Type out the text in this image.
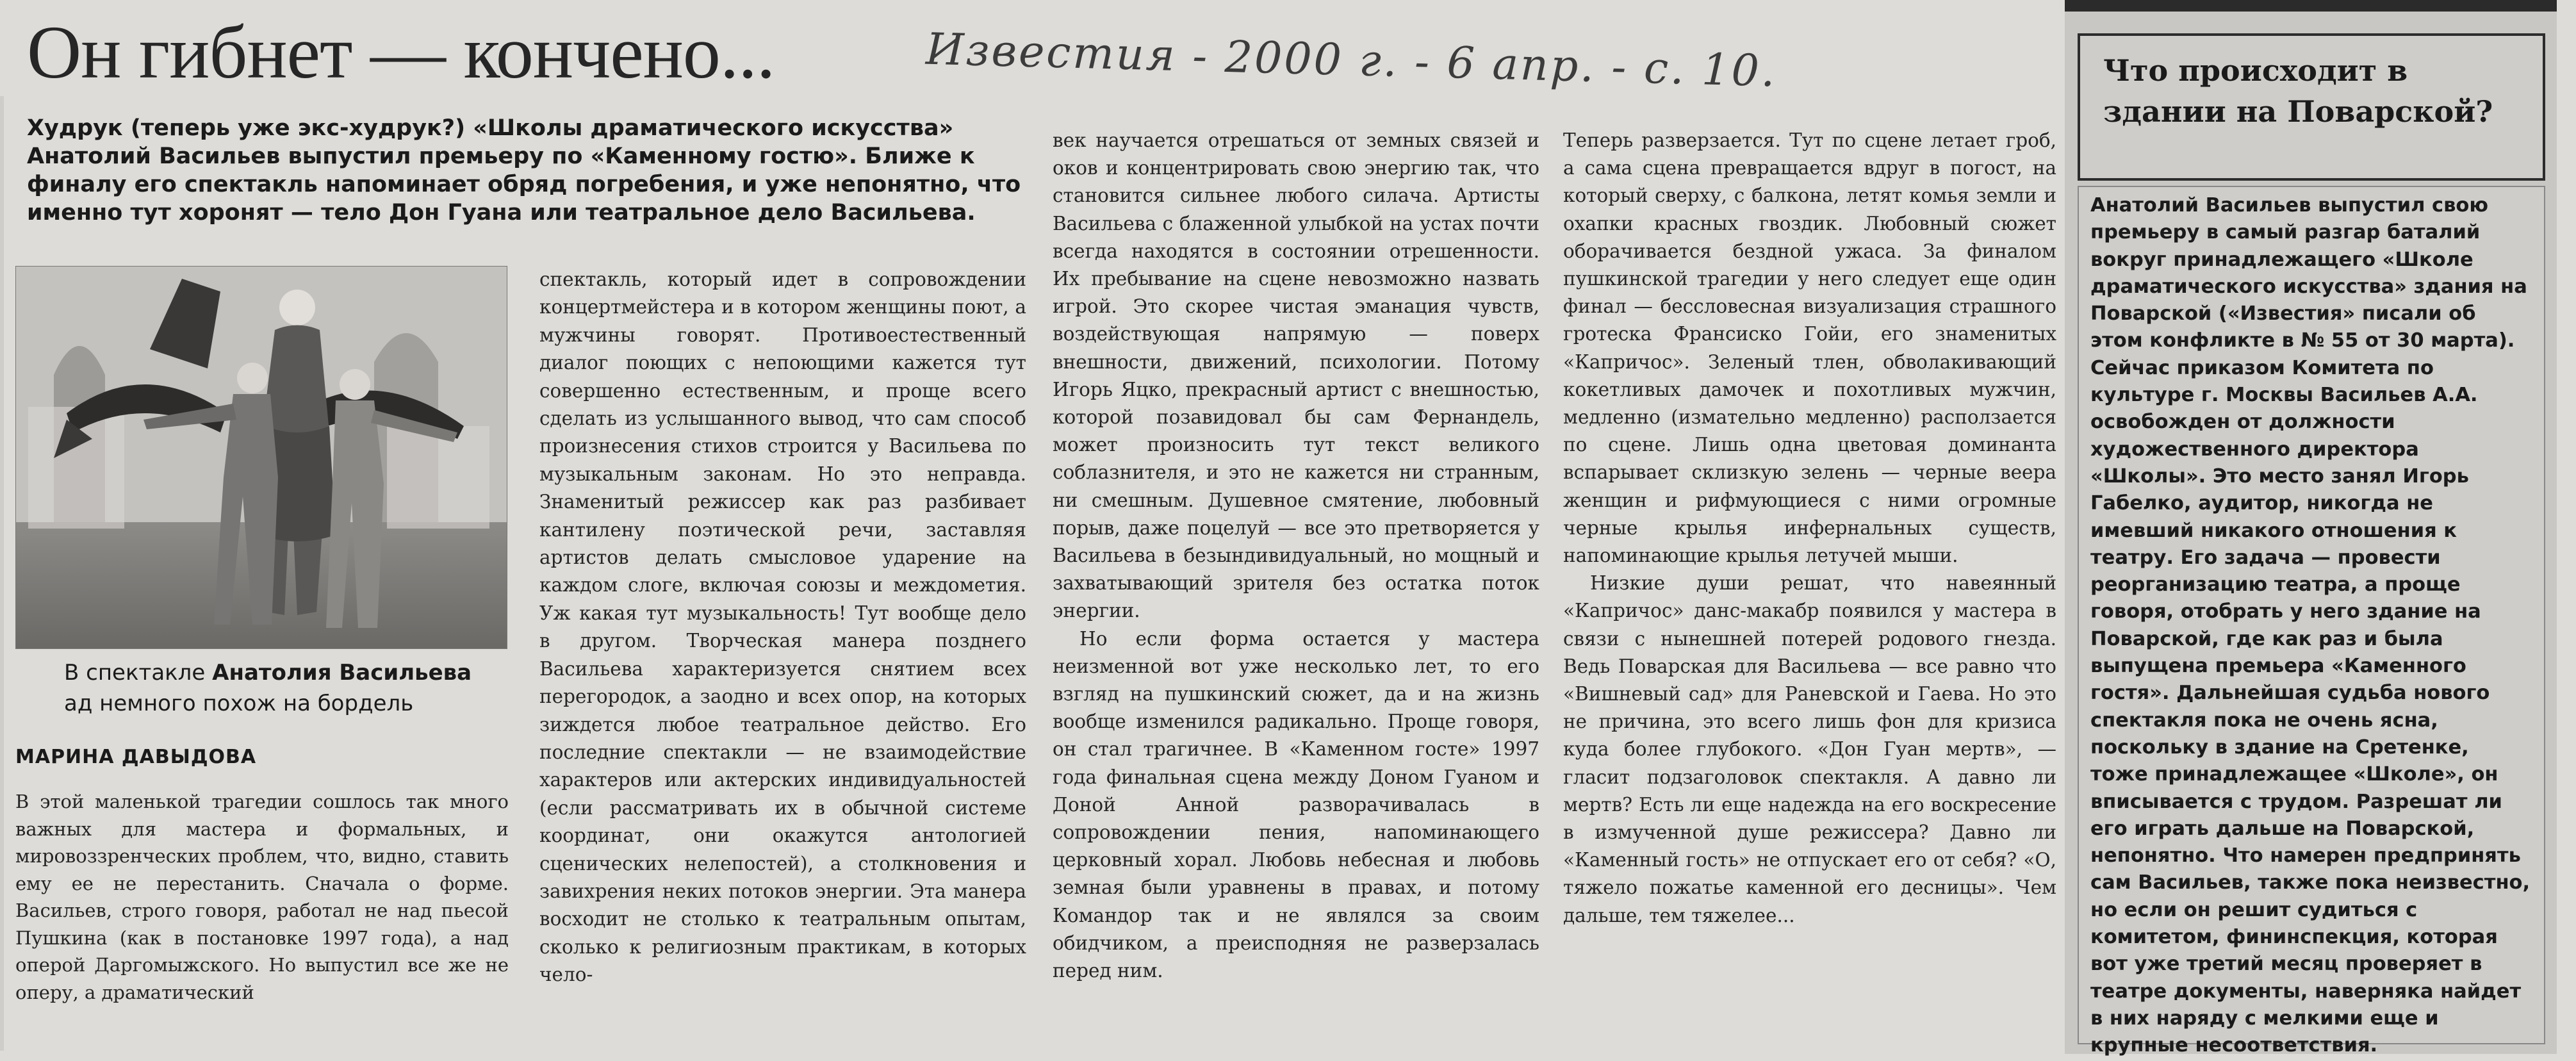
Он гибнет — кончено...	Известия - 2000 г. - 6 апр. - с. 10.

Худрук (теперь уже экс-худрук?) «Школы драматического искусства» Анатолий Васильев выпустил премьеру по «Каменному гостю». Ближе к финалу его спектакль напоминает обряд погребения, и уже непонятно, что именно тут хоронят — тело Дон Гуана или театральное дело Васильева.

В спектакле Анатолия Васильева
ад немного похож на бордель

МАРИНА ДАВЫДОВА

В этой маленькой трагедии сошлось так много важных для мастера и формальных, и мировоззренческих проблем, что, видно, ставить ему ее не перестанить. Сначала о форме. Васильев, строго говоря, работал не над пьесой Пушкина (как в постановке 1997 года), а над оперой Даргомыжского. Но выпустил все же не оперу, а драматический

спектакль, который идет в сопровождении концертмейстера и в котором женщины поют, а мужчины говорят. Противоестественный диалог поющих с непоющими кажется тут совершенно естественным, и проще всего сделать из услышанного вывод, что сам способ произнесения стихов строится у Васильева по музыкальным законам. Но это неправда. Знаменитый режиссер как раз разбивает кантилену поэтической речи, заставляя артистов делать смысловое ударение на каждом слоге, включая союзы и междометия. Уж какая тут музыкальность! Тут вообще дело в другом. Творческая манера позднего Васильева характеризуется снятием всех перегородок, а заодно и всех опор, на которых зиждется любое театральное действо. Его последние спектакли — не взаимодействие характеров или актерских индивидуальностей (если рассматривать их в обычной системе координат, они окажутся антологией сценических нелепостей), а столкновения и завихрения неких потоков энергии. Эта манера восходит не столько к театральным опытам, сколько к религиозным практикам, в которых чело-

век научается отрешаться от земных связей и оков и концентрировать свою энергию так, что становится сильнее любого силача. Артисты Васильева с блаженной улыбкой на устах почти всегда находятся в состоянии отрешенности. Их пребывание на сцене невозможно назвать игрой. Это скорее чистая эманация чувств, воздействующая напрямую — поверх внешности, движений, психологии. Потому Игорь Яцко, прекрасный артист с внешностью, которой позавидовал бы сам Фернандель, может произносить тут текст великого соблазнителя, и это не кажется ни странным, ни смешным. Душевное смятение, любовный порыв, даже поцелуй — все это претворяется у Васильева в безындивидуальный, но мощный и захватывающий зрителя без остатка поток энергии.

Но если форма остается у мастера неизменной вот уже несколько лет, то его взгляд на пушкинский сюжет, да и на жизнь вообще изменился радикально. Проще говоря, он стал трагичнее. В «Каменном госте» 1997 года финальная сцена между Доном Гуаном и Доной Анной разворачивалась в сопровождении пения, напоминающего церковный хорал. Любовь небесная и любовь земная были уравнены в правах, и потому Командор так и не являлся за своим обидчиком, а преисподняя не разверзалась перед ним.

Теперь разверзается. Тут по сцене летает гроб, а сама сцена превращается вдруг в погост, на который сверху, с балкона, летят комья земли и охапки красных гвоздик. Любовный сюжет оборачивается бездной ужаса. За финалом пушкинской трагедии у него следует еще один финал — бессловесная визуализация страшного гротеска Франсиско Гойи, его знаменитых «Капричос». Зеленый тлен, обволакивающий кокетливых дамочек и похотливых мужчин, медленно (измательно медленно) расползается по сцене. Лишь одна цветовая доминанта вспарывает склизкую зелень — черные веера женщин и рифмующиеся с ними огромные черные крылья инфернальных существ, напоминающие крылья летучей мыши.

Низкие души решат, что навеянный «Капричос» данс-макабр появился у мастера в связи с нынешней потерей родового гнезда. Ведь Поварская для Васильева — все равно что «Вишневый сад» для Раневской и Гаева. Но это не причина, это всего лишь фон для кризиса куда более глубокого. «Дон Гуан мертв», — гласит подзаголовок спектакля. А давно ли мертв? Есть ли еще надежда на его воскресение в измученной душе режиссера? Давно ли «Каменный гость» не отпускает его от себя? «О, тяжело пожатье каменной его десницы». Чем дальше, тем тяжелее...

Что происходит в здании на Поварской?

Анатолий Васильев выпустил свою премьеру в самый разгар баталий вокруг принадлежащего «Школе драматического искусства» здания на Поварской («Известия» писали об этом конфликте в № 55 от 30 марта). Сейчас приказом Комитета по культуре г. Москвы Васильев А.А. освобожден от должности художественного директора «Школы». Это место занял Игорь Габелко, аудитор, никогда не имевший никакого отношения к театру. Его задача — провести реорганизацию театра, а проще говоря, отобрать у него здание на Поварской, где как раз и была выпущена премьера «Каменного гостя». Дальнейшая судьба нового спектакля пока не очень ясна, поскольку в здание на Сретенке, тоже принадлежащее «Школе», он вписывается с трудом. Разрешат ли его играть дальше на Поварской, непонятно. Что намерен предпринять сам Васильев, также пока неизвестно, но если он решит судиться с комитетом, фининспекция, которая вот уже третий месяц проверяет в театре документы, наверняка найдет в них наряду с мелкими еще и крупные несоответствия.
